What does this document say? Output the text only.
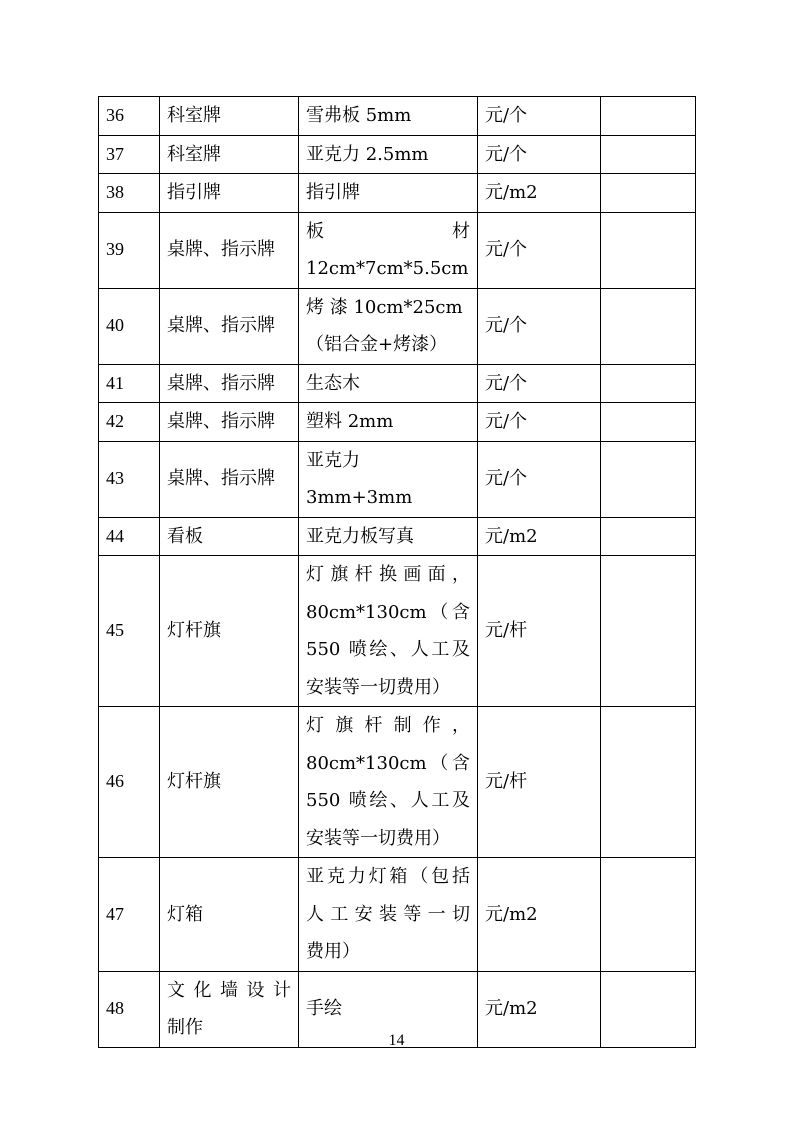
36	科室牌	雪弗板 5mm	元/个	
37	科室牌	亚克力 2.5mm	元/个	
38	指引牌	指引牌	元/m2	
39	桌牌、指示牌	板　　　　材
12cm*7cm*5.5cm	元/个	
40	桌牌、指示牌	烤 漆 10cm*25cm
（铝合金+烤漆）	元/个	
41	桌牌、指示牌	生态木	元/个	
42	桌牌、指示牌	塑料 2mm	元/个	
43	桌牌、指示牌	亚克力 3mm+3mm	元/个	
44	看板	亚克力板写真	元/m2	
45	灯杆旗	灯旗杆换画面，
80cm*130cm（含
550 喷绘、人工及
安装等一切费用）	元/杆	
46	灯杆旗	灯旗杆制作，
80cm*130cm（含
550 喷绘、人工及
安装等一切费用）	元/杆	
47	灯箱	亚克力灯箱（包括
人工安装等一切
费用）	元/m2	
48	文化墙设计
制作	手绘	元/m2	
14
